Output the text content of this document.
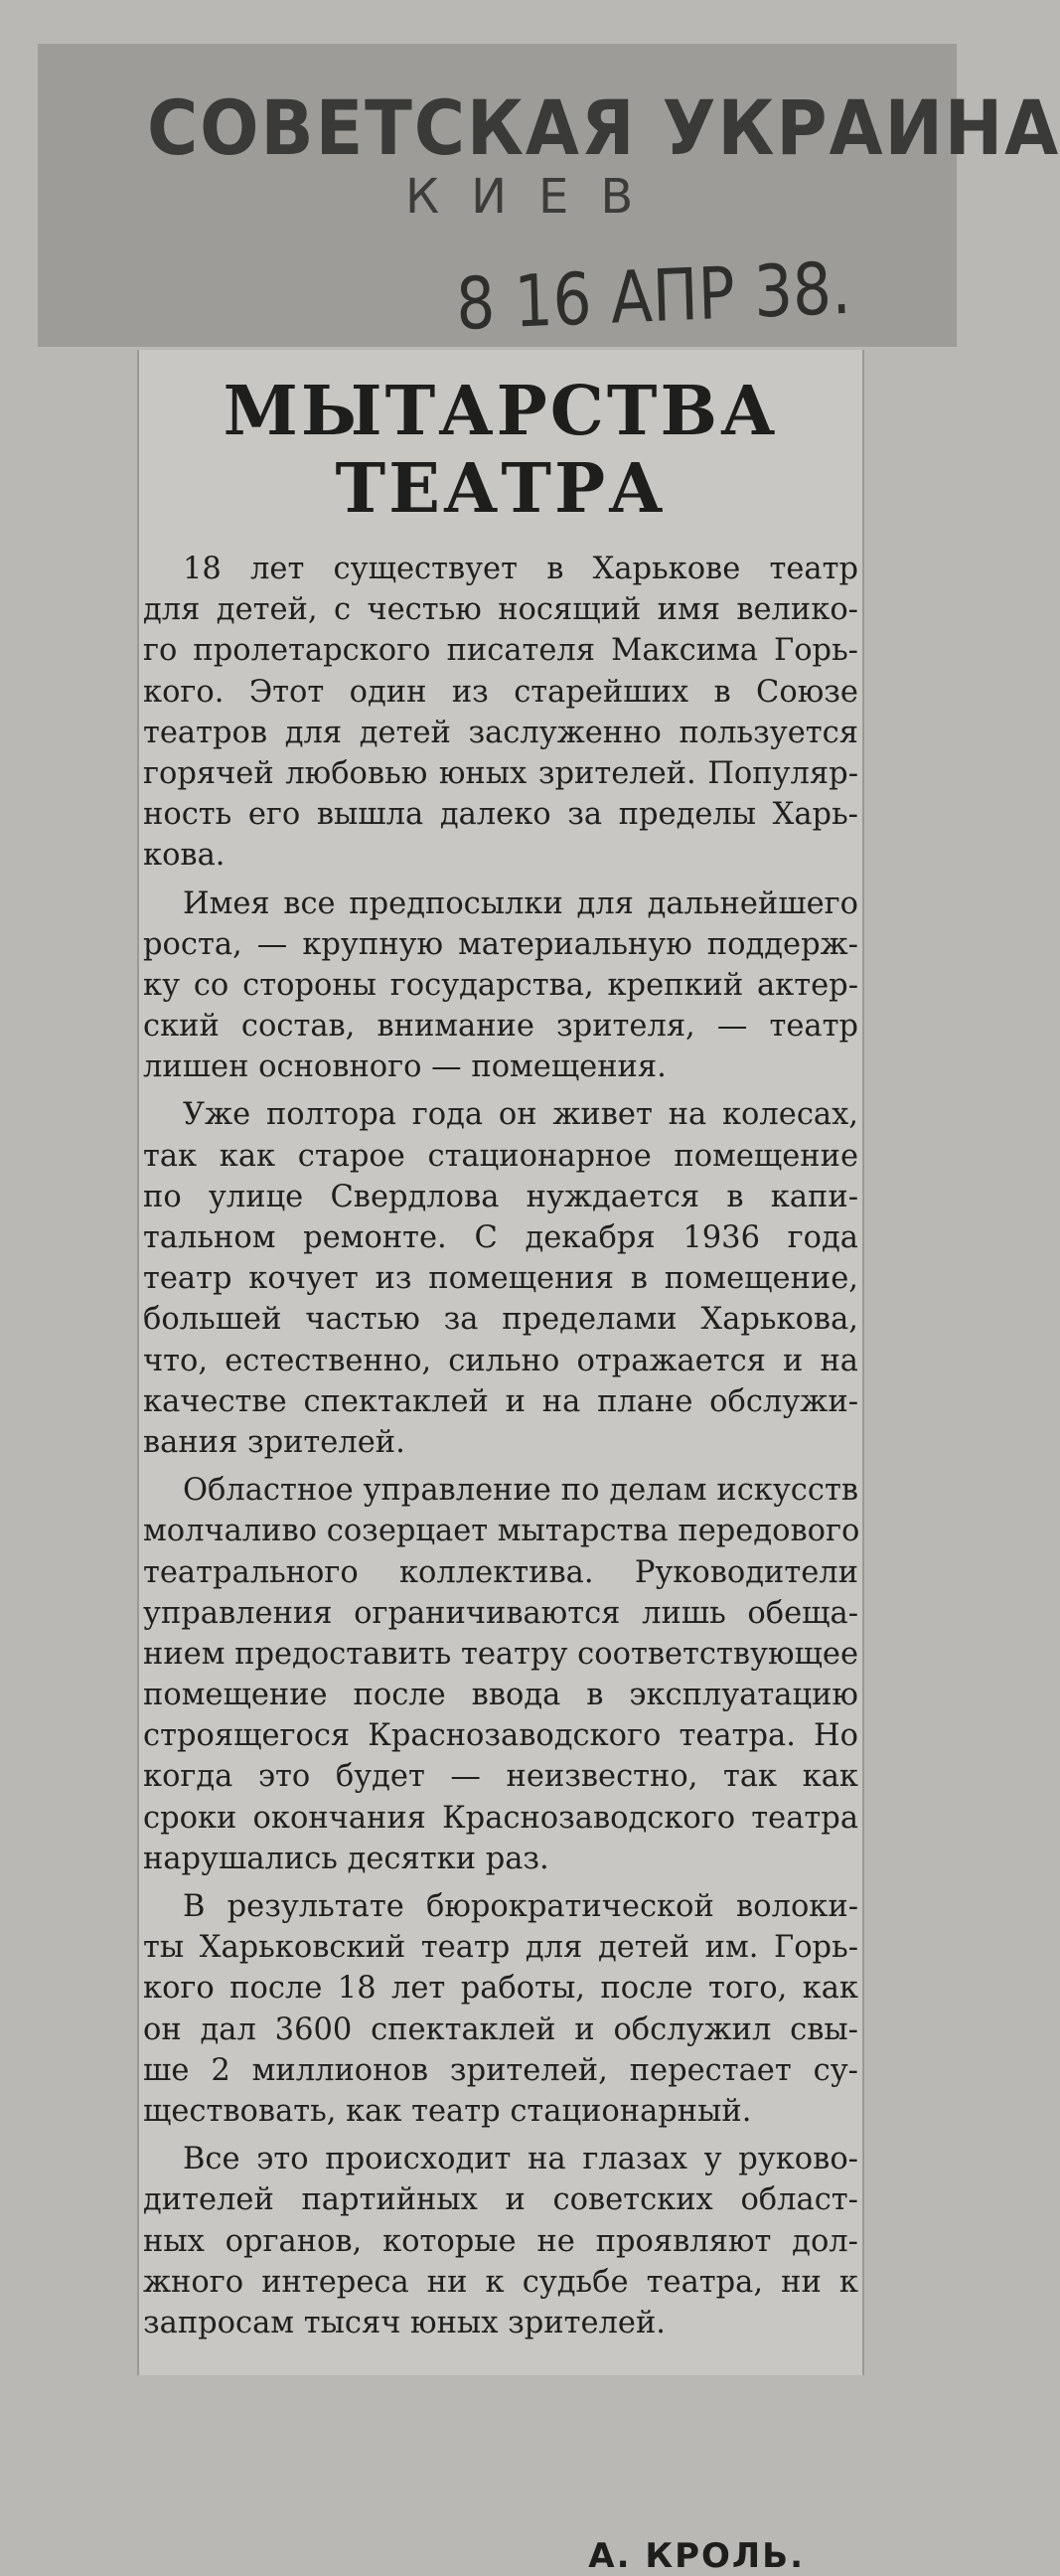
СОВЕТСКАЯ УКРАИНА
КИЕВ
8 16 АПР 38.
МЫТАРСТВА
ТЕАТРА
18 лет существует в Харькове театр
для детей, с честью носящий имя велико-
го пролетарского писателя Максима Горь-
кого. Этот один из старейших в Союзе
театров для детей заслуженно пользуется
горячей любовью юных зрителей. Популяр-
ность его вышла далеко за пределы Харь-
кова.
Имея все предпосылки для дальнейшего
роста, — крупную материальную поддерж-
ку со стороны государства, крепкий актер-
ский состав, внимание зрителя, — театр
лишен основного — помещения.
Уже полтора года он живет на колесах,
так как старое стационарное помещение
по улице Свердлова нуждается в капи-
тальном ремонте. С декабря 1936 года
театр кочует из помещения в помещение,
большей частью за пределами Харькова,
что, естественно, сильно отражается и на
качестве спектаклей и на плане обслужи-
вания зрителей.
Областное управление по делам искусств
молчаливо созерцает мытарства передового
театрального коллектива. Руководители
управления ограничиваются лишь обеща-
нием предоставить театру соответствующее
помещение после ввода в эксплуатацию
строящегося Краснозаводского театра. Но
когда это будет — неизвестно, так как
сроки окончания Краснозаводского театра
нарушались десятки раз.
В результате бюрократической волоки-
ты Харьковский театр для детей им. Горь-
кого после 18 лет работы, после того, как
он дал 3600 спектаклей и обслужил свы-
ше 2 миллионов зрителей, перестает су-
ществовать, как театр стационарный.
Все это происходит на глазах у руково-
дителей партийных и советских област-
ных органов, которые не проявляют дол-
жного интереса ни к судьбе театра, ни к
запросам тысяч юных зрителей.
А. КРОЛЬ.
